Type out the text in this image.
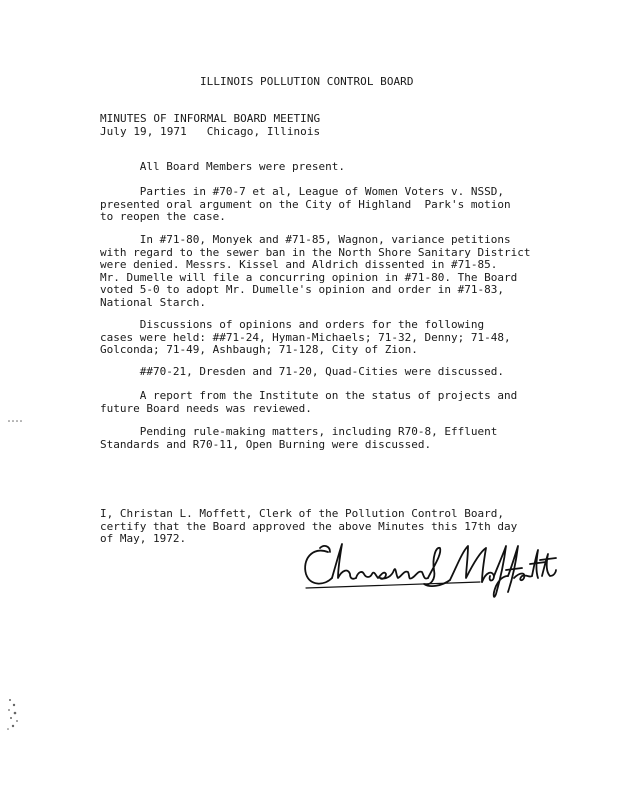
ILLINOIS POLLUTION CONTROL BOARD
MINUTES OF INFORMAL BOARD MEETING
July 19, 1971   Chicago, Illinois

All Board Members were present.

Parties in #70-7 et al, League of Women Voters v. NSSD,

presented oral argument on the City of Highland  Park's motion

to reopen the case.

In #71-80, Monyek and #71-85, Wagnon, variance petitions

with regard to the sewer ban in the North Shore Sanitary District

were denied. Messrs. Kissel and Aldrich dissented in #71-85.

Mr. Dumelle will file a concurring opinion in #71-80. The Board

voted 5-0 to adopt Mr. Dumelle's opinion and order in #71-83,

National Starch.

Discussions of opinions and orders for the following

cases were held: ##71-24, Hyman-Michaels; 71-32, Denny; 71-48,

Golconda; 71-49, Ashbaugh; 71-128, City of Zion.

##70-21, Dresden and 71-20, Quad-Cities were discussed.

A report from the Institute on the status of projects and

future Board needs was reviewed.

Pending rule-making matters, including R70-8, Effluent

Standards and R70-11, Open Burning were discussed.

I, Christan L. Moffett, Clerk of the Pollution Control Board,

certify that the Board approved the above Minutes this 17th day

of May, 1972.
